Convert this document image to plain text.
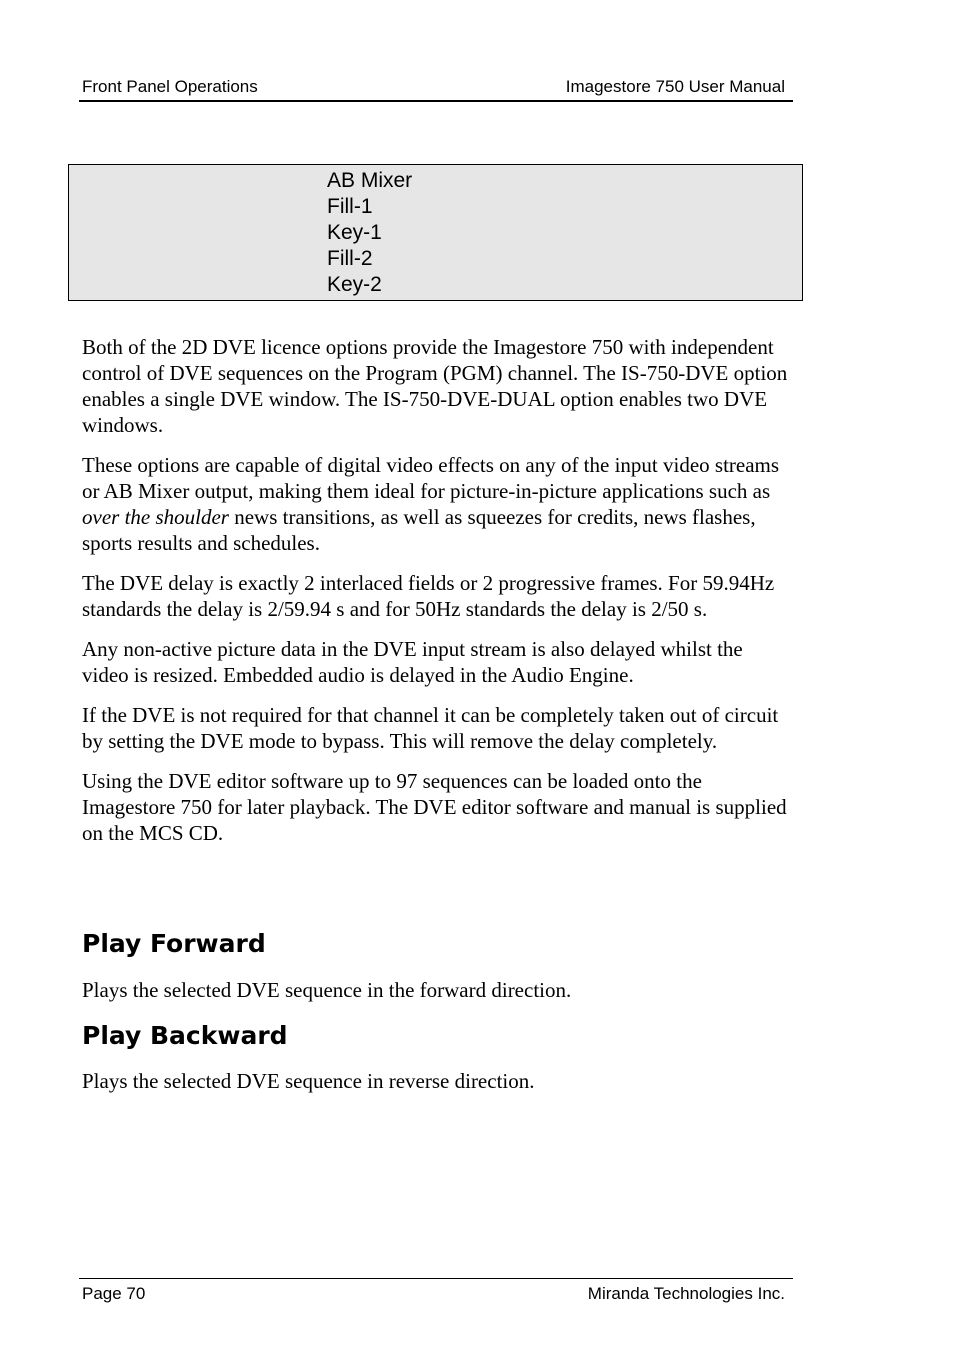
Front Panel Operations	Imagestore 750 User Manual
AB Mixer
Fill-1
Key-1
Fill-2
Key-2

Both of the 2D DVE licence options provide the Imagestore 750 with independent control of DVE sequences on the Program (PGM) channel. The IS-750-DVE option enables a single DVE window. The IS-750-DVE-DUAL option enables two DVE windows.

These options are capable of digital video effects on any of the input video streams or AB Mixer output, making them ideal for picture-in-picture applications such as over the shoulder news transitions, as well as squeezes for credits, news flashes, sports results and schedules.

The DVE delay is exactly 2 interlaced fields or 2 progressive frames. For 59.94Hz standards the delay is 2/59.94 s and for 50Hz standards the delay is 2/50 s.

Any non-active picture data in the DVE input stream is also delayed whilst the video is resized. Embedded audio is delayed in the Audio Engine.

If the DVE is not required for that channel it can be completely taken out of circuit by setting the DVE mode to bypass. This will remove the delay completely.

Using the DVE editor software up to 97 sequences can be loaded onto the Imagestore 750 for later playback. The DVE editor software and manual is supplied on the MCS CD.

Play Forward

Plays the selected DVE sequence in the forward direction.

Play Backward

Plays the selected DVE sequence in reverse direction.

Page 70	Miranda Technologies Inc.
